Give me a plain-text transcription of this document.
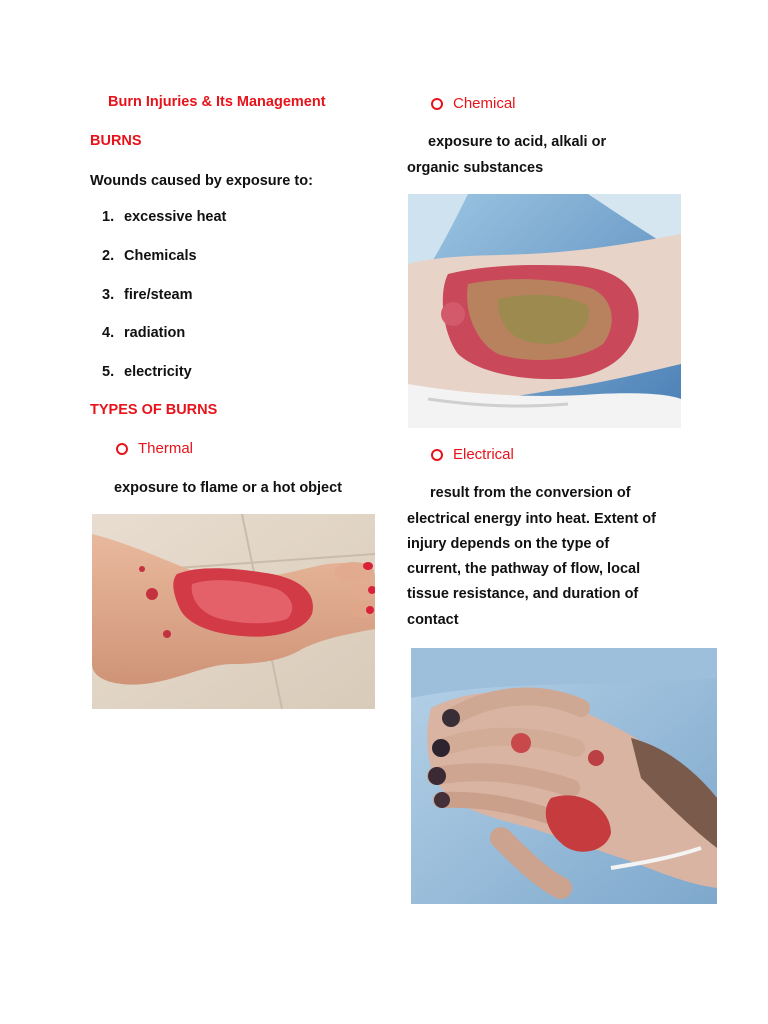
Burn Injuries & Its Management
BURNS
Wounds caused by exposure to:
1. excessive heat
2. Chemicals
3. fire/steam
4. radiation
5. electricity
TYPES OF BURNS
Thermal
exposure to flame or a hot object
Chemical
exposure to acid, alkali or
organic substances
Electrical
result from the conversion of
electrical energy into heat. Extent of
injury depends on the type of
current, the pathway of flow, local
tissue resistance, and duration of
contact
